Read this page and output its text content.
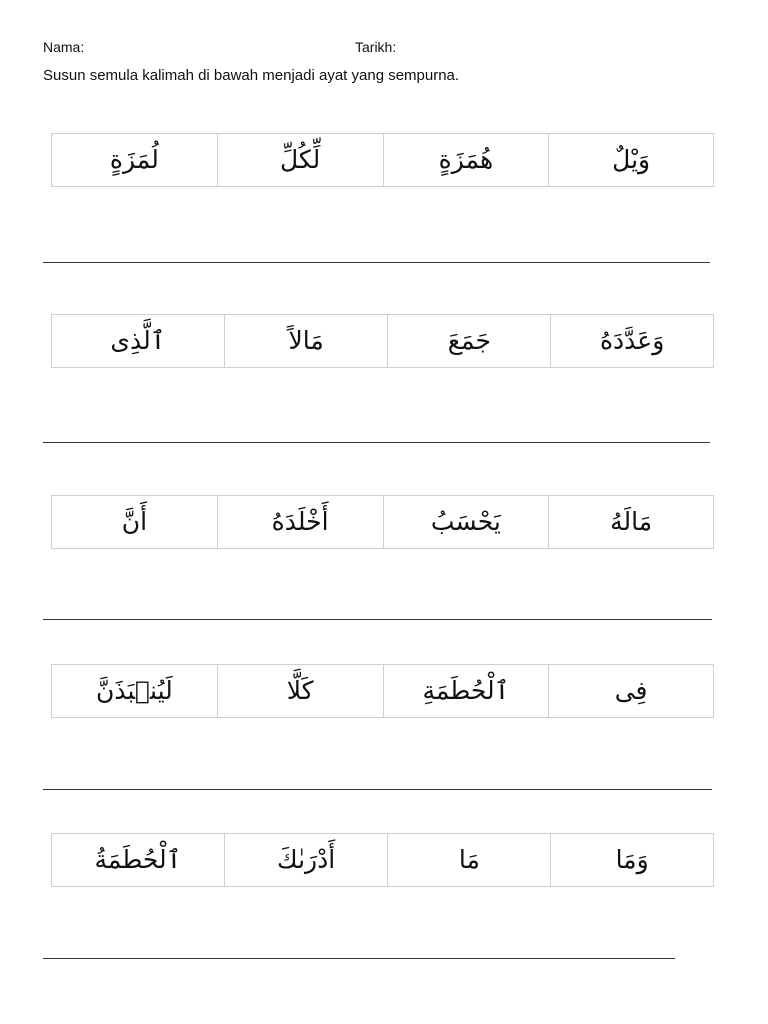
Nama:	Tarikh:
Susun semula kalimah di bawah menjadi ayat yang sempurna.
لُمَزَةٍ	لِّكُلِّ	هُمَزَةٍ	وَيْلٌ
ٱلَّذِى	مَالاً	جَمَعَ	وَعَدَّدَهُ
أَنَّ	أَخْلَدَهُ	يَحْسَبُ	مَالَهُ
لَيُنۢبَذَنَّ	كَلَّا	ٱلْحُطَمَةِ	فِى
ٱلْحُطَمَةُ	أَدْرَىٰكَ	مَا	وَمَا
